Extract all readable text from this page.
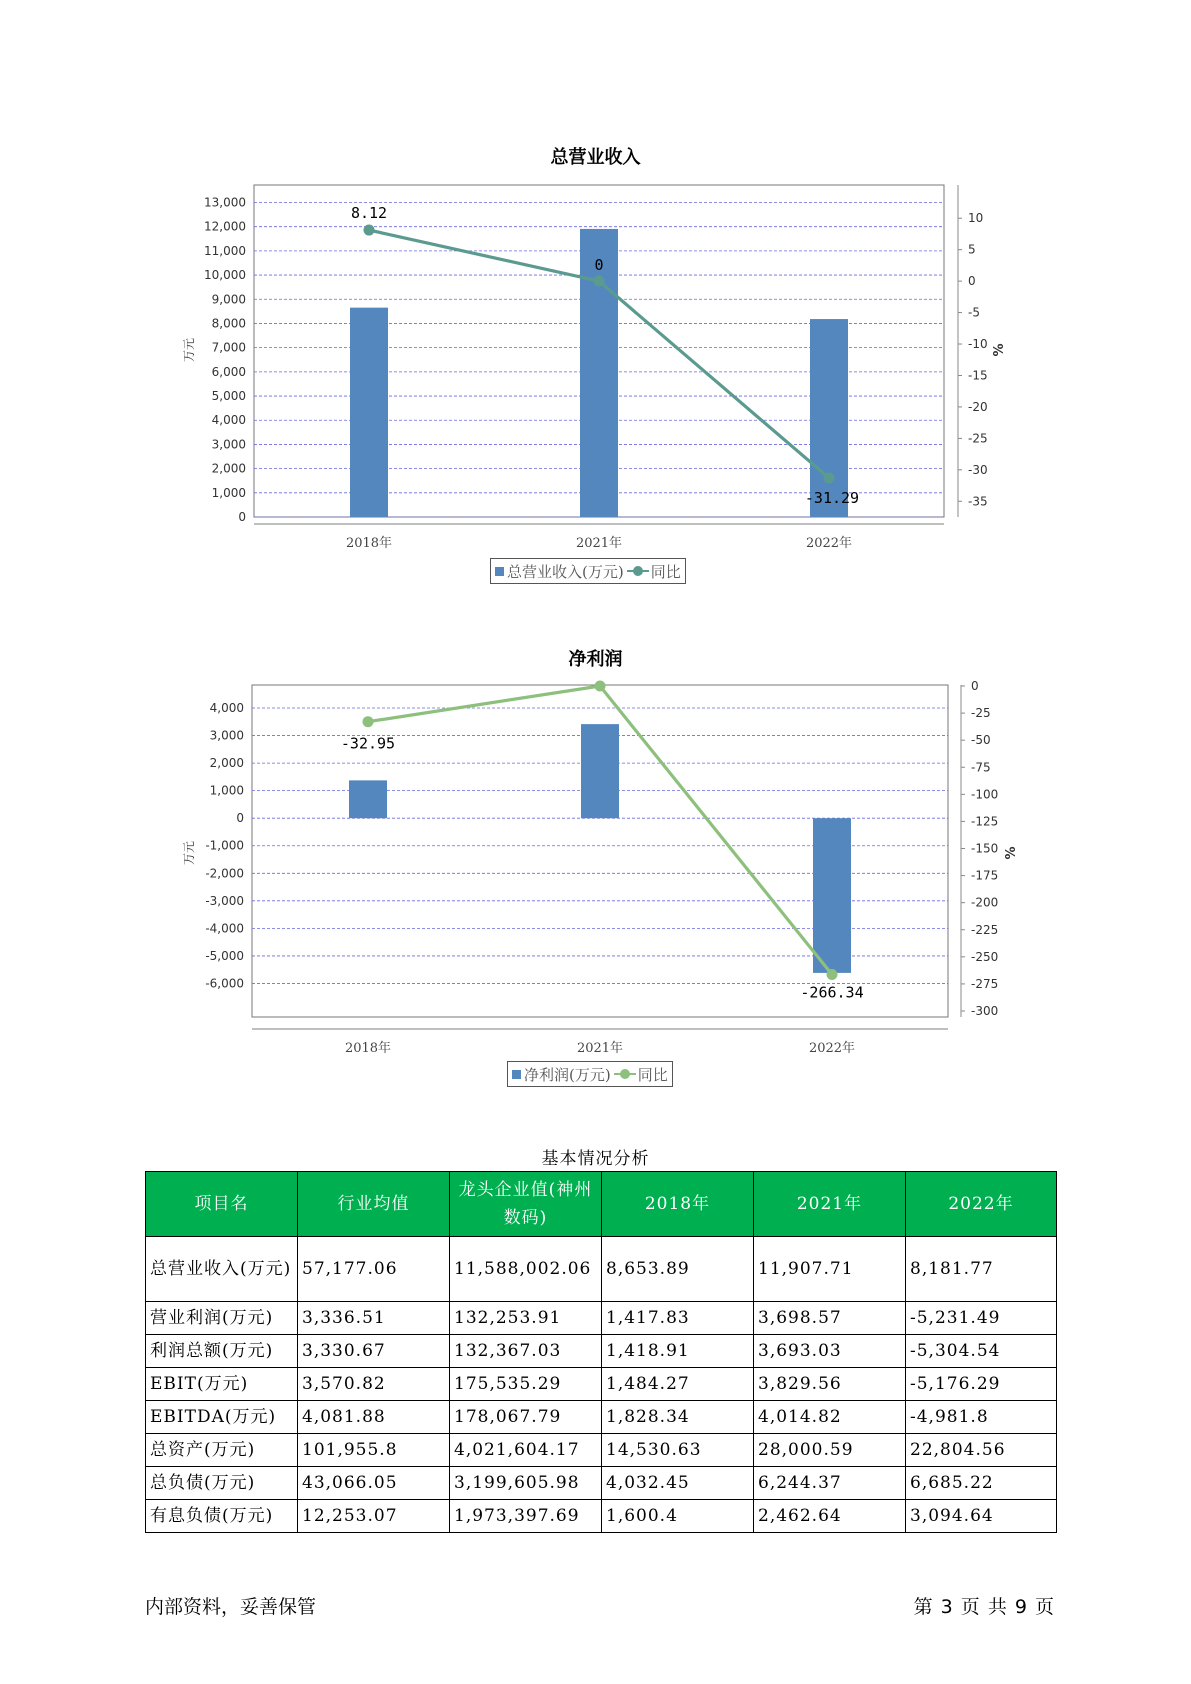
总营业收入
0
1,000
2,000
3,000
4,000
5,000
6,000
7,000
8,000
9,000
10,000
11,000
12,000
13,000
10
5
0
-5
-10
-15
-20
-25
-30
-35
万元	%
2018年	2021年	2022年
8.12
0
-31.29
总营业收入(万元) 同比
净利润
4,000
3,000
2,000
1,000
0
-1,000
-2,000
-3,000
-4,000
-5,000
-6,000
0
-25
-50
-75
-100
-125
-150
-175
-200
-225
-250
-275
-300
万元	%
2018年	2021年	2022年
-32.95
-266.34
净利润(万元) 同比
基本情况分析
项目名	行业均值	龙头企业值(神州数码)	2018年	2021年	2022年
总营业收入(万元)	57,177.06	11,588,002.06	8,653.89	11,907.71	8,181.77
营业利润(万元)	3,336.51	132,253.91	1,417.83	3,698.57	-5,231.49
利润总额(万元)	3,330.67	132,367.03	1,418.91	3,693.03	-5,304.54
EBIT(万元)	3,570.82	175,535.29	1,484.27	3,829.56	-5,176.29
EBITDA(万元)	4,081.88	178,067.79	1,828.34	4,014.82	-4,981.8
总资产(万元)	101,955.8	4,021,604.17	14,530.63	28,000.59	22,804.56
总负债(万元)	43,066.05	3,199,605.98	4,032.45	6,244.37	6,685.22
有息负债(万元)	12,253.07	1,973,397.69	1,600.4	2,462.64	3,094.64
内部资料，妥善保管	第 3 页 共 9 页
